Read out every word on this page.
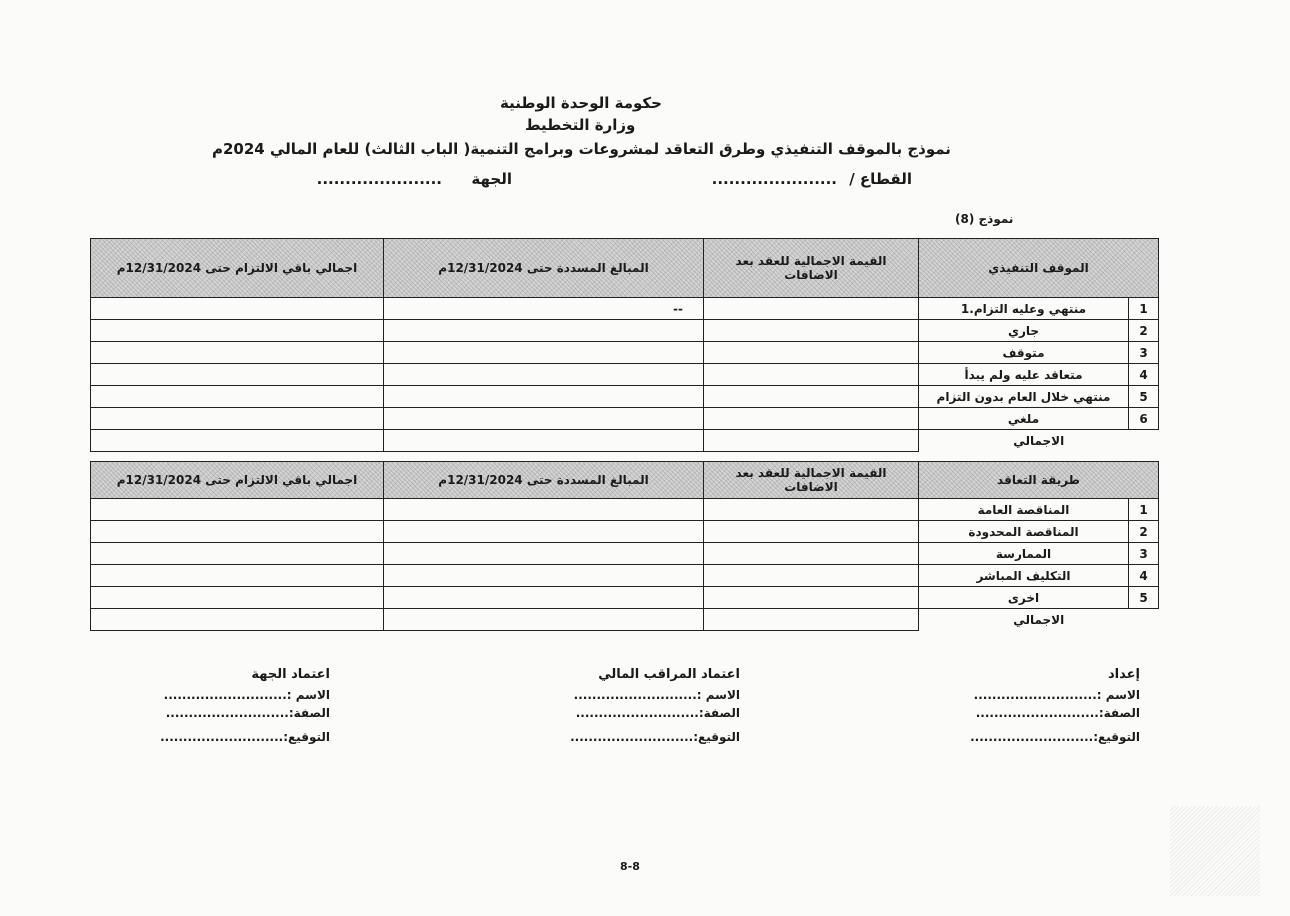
حكومة الوحدة الوطنية
وزارة التخطيط
نموذج بالموقف التنفيذي وطرق التعاقد لمشروعات وبرامج التنمية( الباب الثالث) للعام المالي 2024م
القطاع /
......................
الجهة
......................
نموذج (8)
الموقف التنفيذي		القيمة الاجمالية للعقد بعد الاضافات	المبالغ المسددة حتى 12/31/2024م	اجمالي باقي الالتزام حتى 12/31/2024م
1	منتهي وعليه التزام.1		--	
2	جاري			
3	متوقف			
4	متعاقد عليه ولم يبدأ			
5	منتهي خلال العام بدون التزام			
6	ملغي			
الاجمالي				
طريقة التعاقد		القيمة الاجمالية للعقد بعد الاضافات	المبالغ المسددة حتى 12/31/2024م	اجمالي باقي الالتزام حتى 12/31/2024م
1	المناقصة العامة			
2	المناقصة المحدودة			
3	الممارسة			
4	التكليف المباشر			
5	اخرى			
الاجمالي				
اعتماد الجهة
الاسم :...........................
الصفة:...........................
التوقيع:...........................
اعتماد المراقب المالي
الاسم :...........................
الصفة:...........................
التوقيع:...........................
إعداد
الاسم :...........................
الصفة:...........................
التوقيع:...........................
8-8
